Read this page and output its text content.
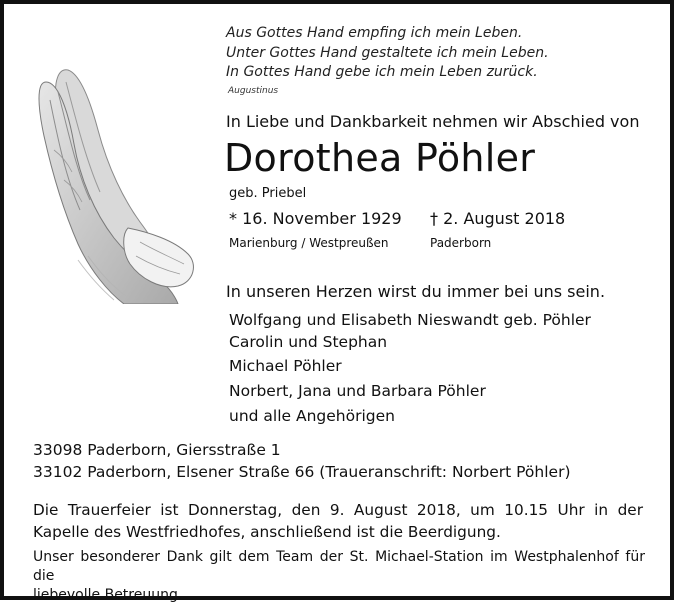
Aus Gottes Hand empfing ich mein Leben.
Unter Gottes Hand gestaltete ich mein Leben.
In Gottes Hand gebe ich mein Leben zurück.
Augustinus
In Liebe und Dankbarkeit nehmen wir Abschied von
Dorothea Pöhler
geb. Priebel
* 16. November 1929 † 2. August 2018
Marienburg / Westpreußen	Paderborn
In unseren Herzen wirst du immer bei uns sein.
Wolfgang und Elisabeth Nieswandt geb. Pöhler
Carolin und Stephan
Michael Pöhler
Norbert, Jana und Barbara Pöhler
und alle Angehörigen
33098 Paderborn, Giersstraße 1
33102 Paderborn, Elsener Straße 66 (Traueranschrift: Norbert Pöhler)
Die Trauerfeier ist Donnerstag, den 9. August 2018, um 10.15 Uhr in der
Kapelle des Westfriedhofes, anschließend ist die Beerdigung.
Unser besonderer Dank gilt dem Team der St. Michael-Station im Westphalenhof für die
liebevolle Betreuung.
